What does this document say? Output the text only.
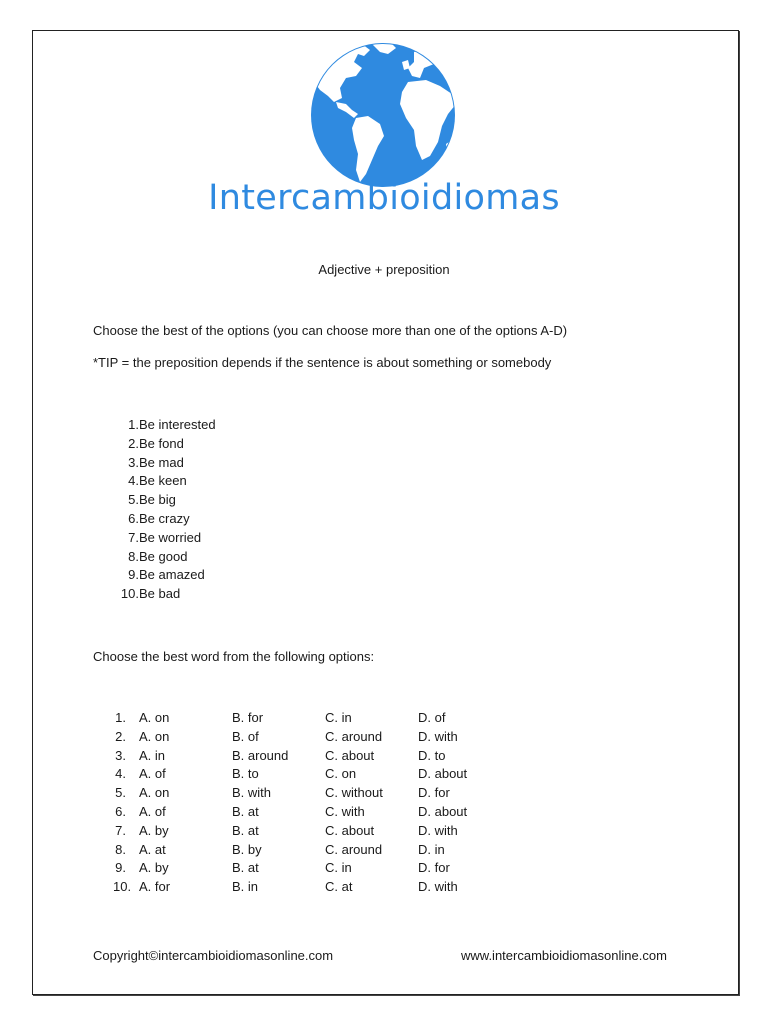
Intercambioidiomas
Adjective + preposition
Choose the best of the options (you can choose more than one of the options A-D)
*TIP = the preposition depends if the sentence is about something or somebody
1. Be interested
2. Be fond
3. Be mad
4. Be keen
5. Be big
6. Be crazy
7. Be worried
8. Be good
9. Be amazed
10. Be bad
Choose the best word from the following options:
1. A. on	B. for	C. in	D. of
2. A. on	B. of	C. around	D. with
3. A. in	B. around	C. about	D. to
4. A. of	B. to	C. on	D. about
5. A. on	B. with	C. without	D. for
6. A. of	B. at	C. with	D. about
7. A. by	B. at	C. about	D. with
8. A. at	B. by	C. around	D. in
9. A. by	B. at	C. in	D. for
10. A. for	B. in	C. at	D. with
Copyright©intercambioidiomasonline.com	www.intercambioidiomasonline.com
